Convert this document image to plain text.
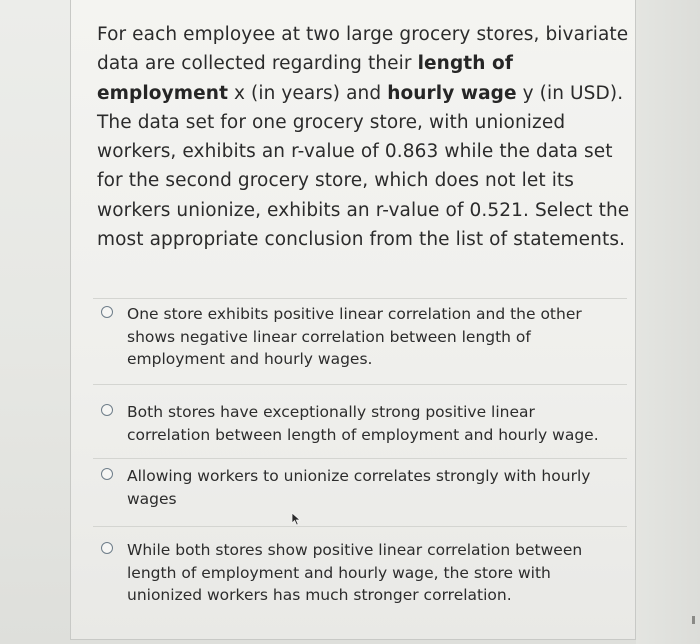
For each employee at two large grocery stores, bivariate data are collected regarding their length of employment x (in years) and hourly wage y (in USD). The data set for one grocery store, with unionized workers, exhibits an r-value of 0.863 while the data set for the second grocery store, which does not let its workers unionize, exhibits an r-value of 0.521. Select the most appropriate conclusion from the list of statements.
One store exhibits positive linear correlation and the other shows negative linear correlation between length of employment and hourly wages.
Both stores have exceptionally strong positive linear correlation between length of employment and hourly wage.
Allowing workers to unionize correlates strongly with hourly wages
While both stores show positive linear correlation between length of employment and hourly wage, the store with unionized workers has much stronger correlation.
